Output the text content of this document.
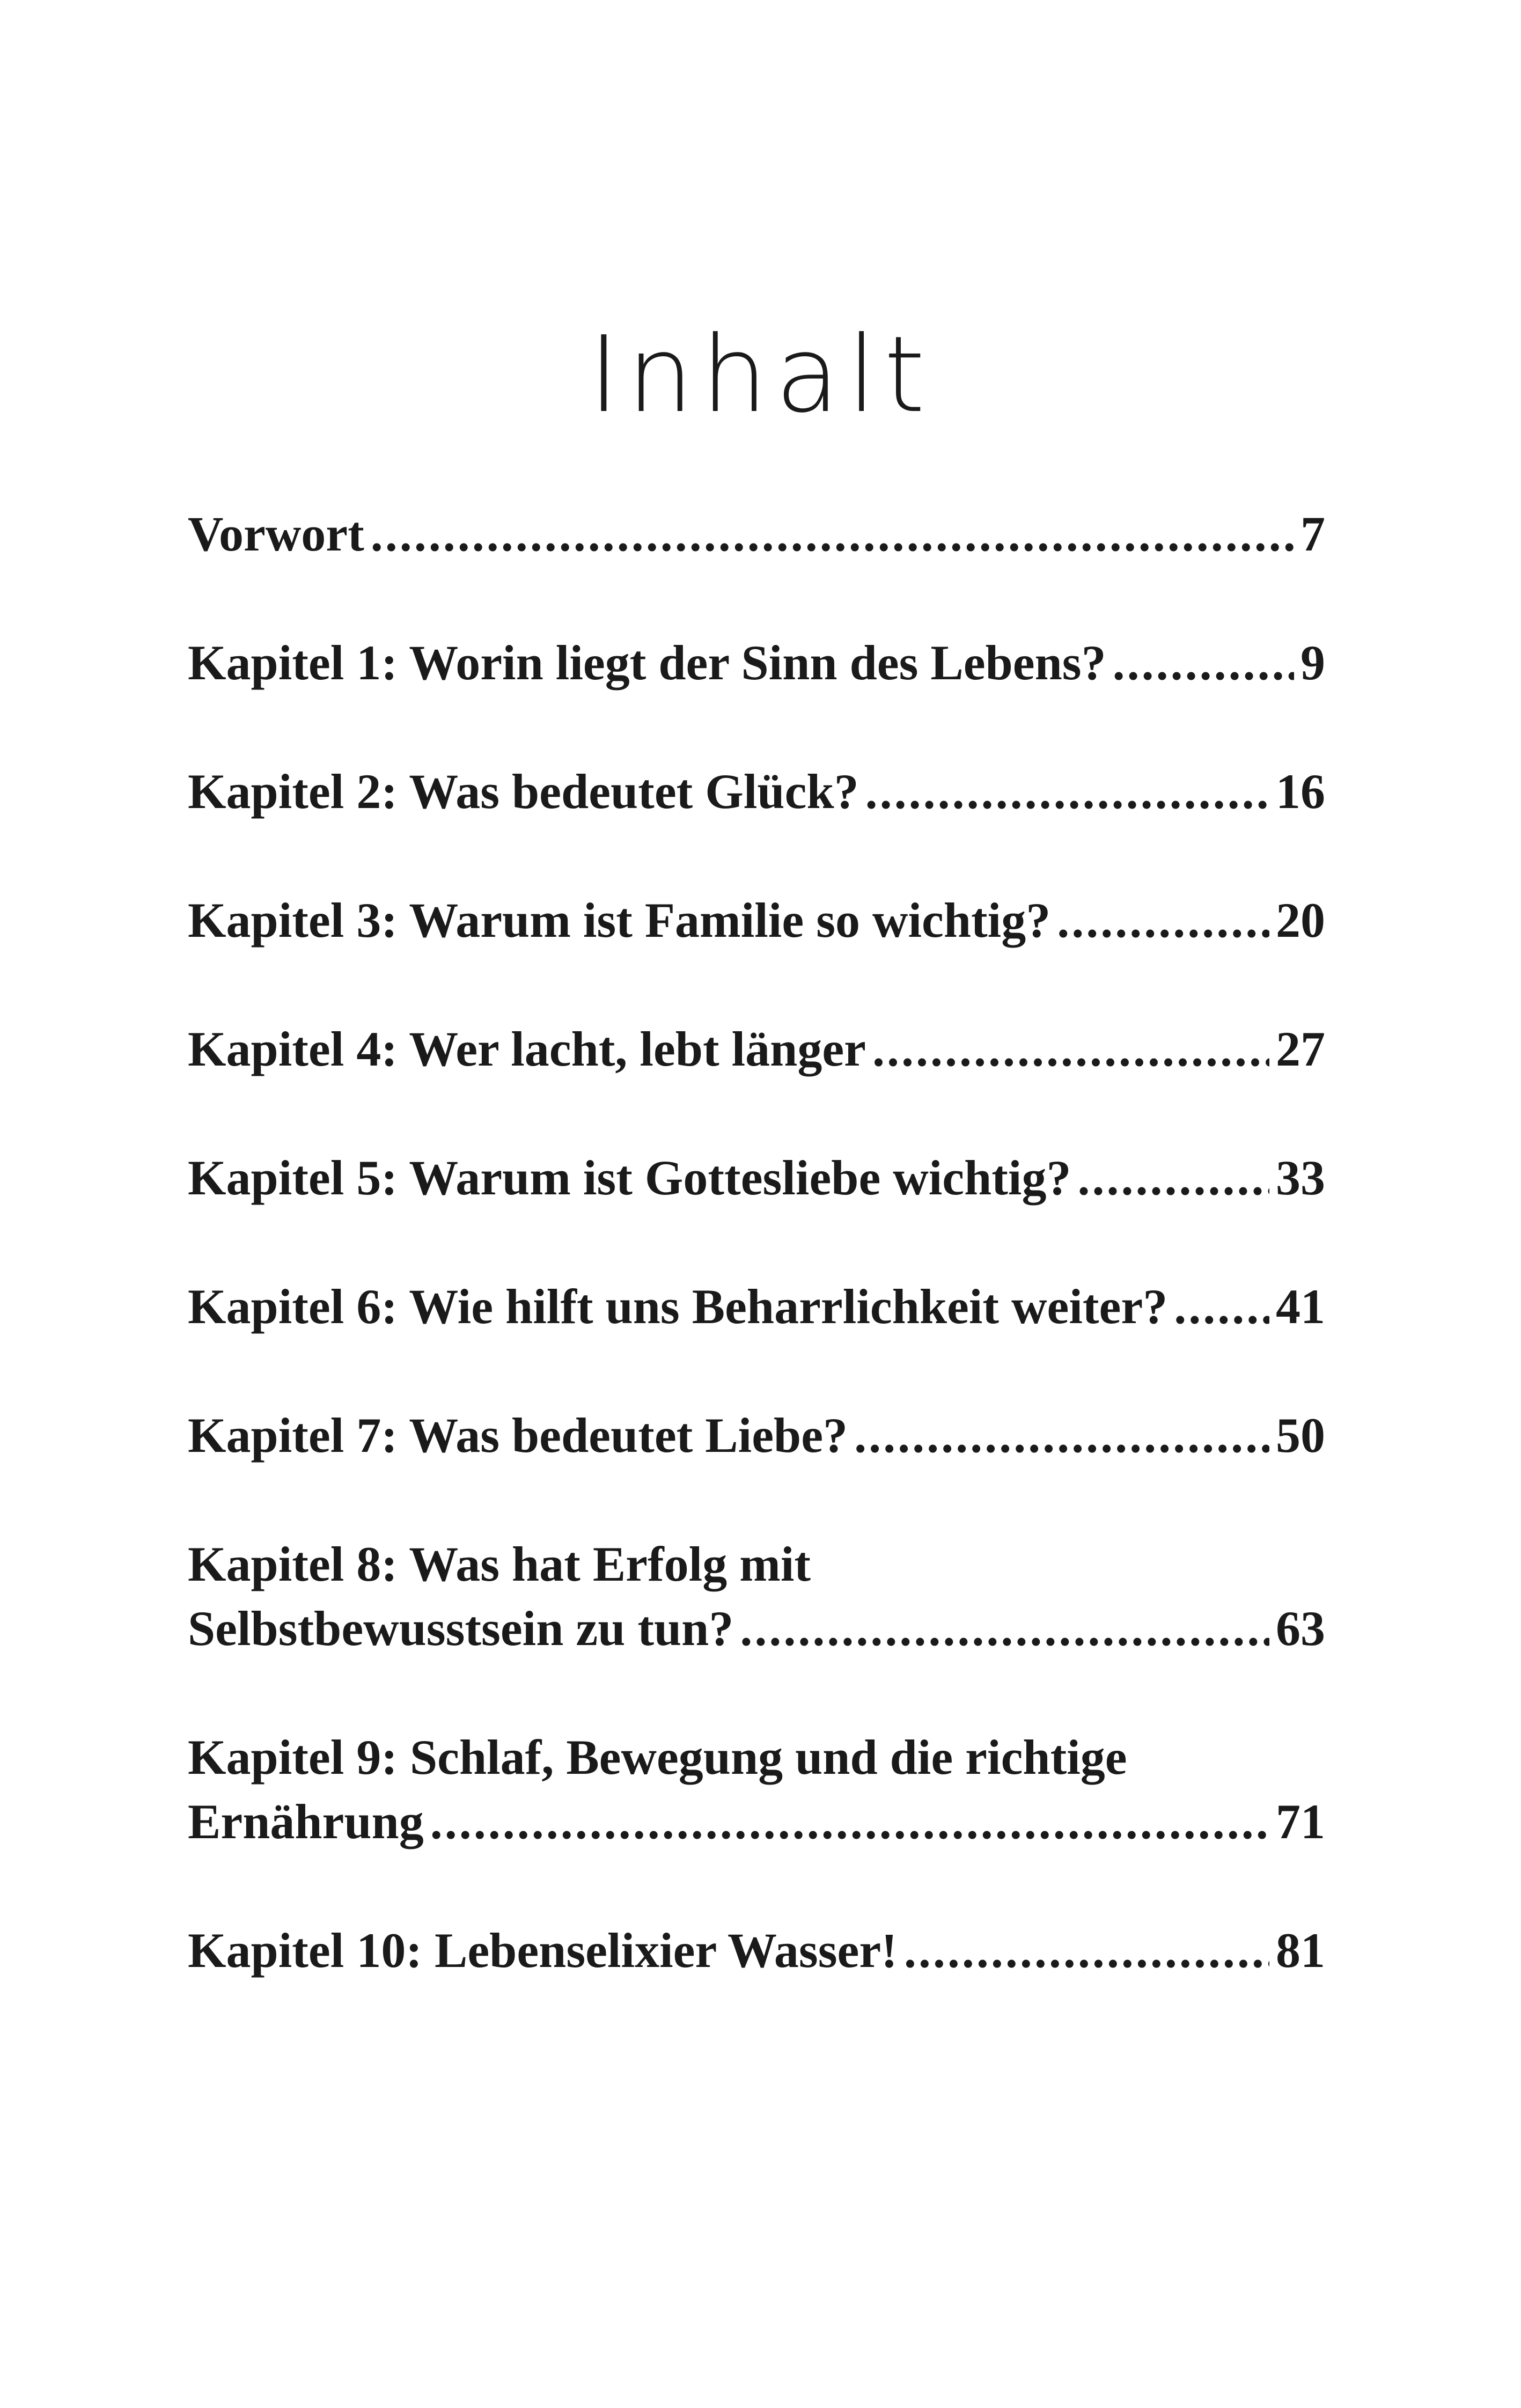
Inhalt
Vorwort .....	7
Kapitel 1: Worin liegt der Sinn des Lebens? .....	9
Kapitel 2: Was bedeutet Glück? .....	16
Kapitel 3: Warum ist Familie so wichtig? .....	20
Kapitel 4: Wer lacht, lebt länger .....	27
Kapitel 5: Warum ist Gottesliebe wichtig? .....	33
Kapitel 6: Wie hilft uns Beharrlichkeit weiter? ..... 41
Kapitel 7: Was bedeutet Liebe? .....	50
Kapitel 8: Was hat Erfolg mit
Selbstbewusstsein zu tun? .....	63
Kapitel 9: Schlaf, Bewegung und die richtige
Ernährung .....	71
Kapitel 10: Lebenselixier Wasser! .....	81
